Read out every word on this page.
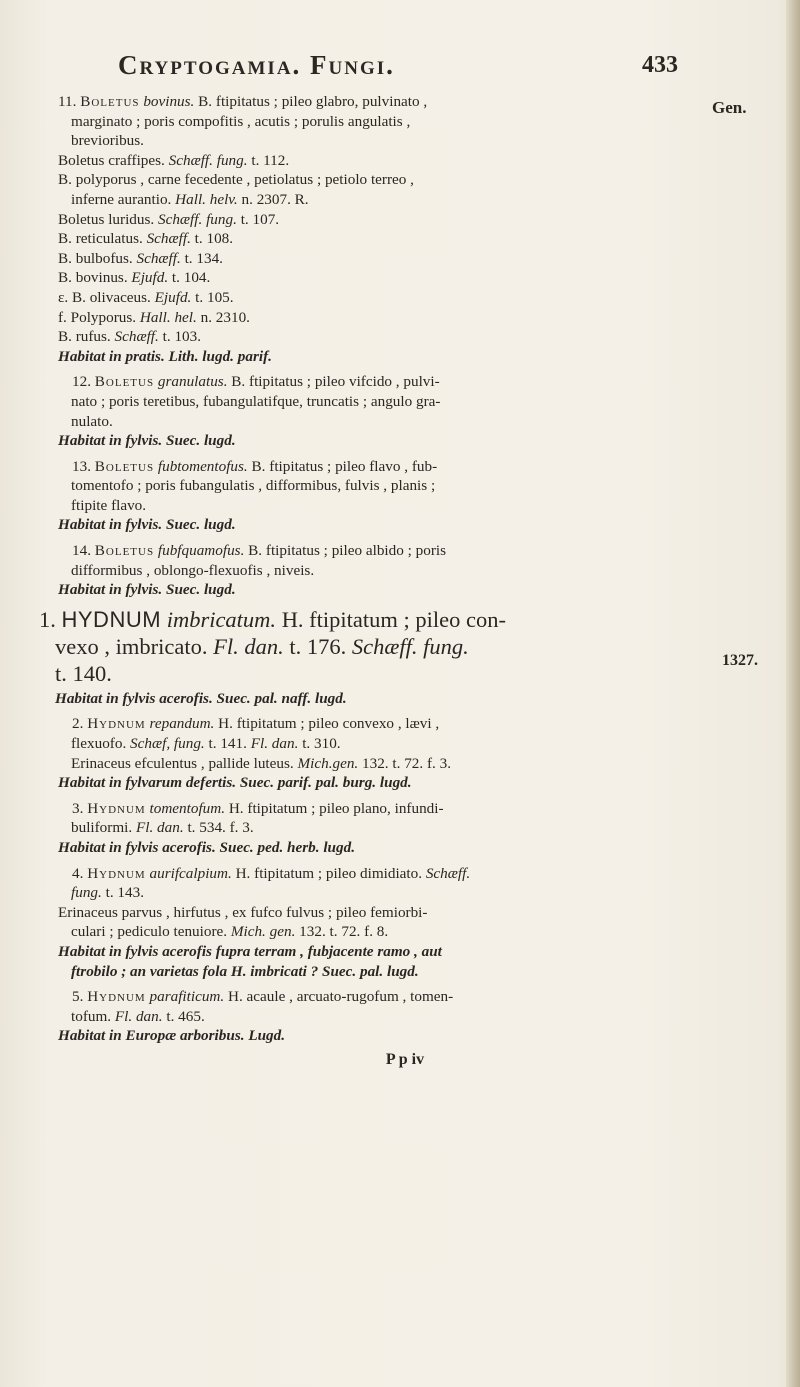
Cryptogamia. Fungi.	433
Gen.
1327.
11. Boletus bovinus. B. ftipitatus ; pileo glabro, pulvinato ,
marginato ; poris compofitis , acutis ; porulis angulatis ,
brevioribus.
Boletus craffipes. Schæff. fung. t. 112.
B. polyporus , carne fecedente , petiolatus ; petiolo terreo ,
inferne aurantio. Hall. helv. n. 2307. R.
Boletus luridus. Schæff. fung. t. 107.
B. reticulatus. Schæff. t. 108.
B. bulbofus. Schæff. t. 134.
B. bovinus. Ejufd. t. 104.
ε. B. olivaceus. Ejufd. t. 105.
f. Polyporus. Hall. hel. n. 2310.
B. rufus. Schæff. t. 103.
Habitat in pratis. Lith. lugd. parif.
12. Boletus granulatus. B. ftipitatus ; pileo vifcido , pulvi-
nato ; poris teretibus, fubangulatifque, truncatis ; angulo gra-
nulato.
Habitat in fylvis. Suec. lugd.
13. Boletus fubtomentofus. B. ftipitatus ; pileo flavo , fub-
tomentofo ; poris fubangulatis , difformibus, fulvis , planis ;
ftipite flavo.
Habitat in fylvis. Suec. lugd.
14. Boletus fubfquamofus. B. ftipitatus ; pileo albido ; poris
difformibus , oblongo-flexuofis , niveis.
Habitat in fylvis. Suec. lugd.
1. HYDNUM imbricatum. H. ftipitatum ; pileo con-
vexo , imbricato. Fl. dan. t. 176. Schæff. fung.
t. 140.
Habitat in fylvis acerofis. Suec. pal. naff. lugd.
2. Hydnum repandum. H. ftipitatum ; pileo convexo , lævi ,
flexuofo. Schæf, fung. t. 141. Fl. dan. t. 310.
Erinaceus efculentus , pallide luteus. Mich.gen. 132. t. 72. f. 3.
Habitat in fylvarum defertis. Suec. parif. pal. burg. lugd.
3. Hydnum tomentofum. H. ftipitatum ; pileo plano, infundi-
buliformi. Fl. dan. t. 534. f. 3.
Habitat in fylvis acerofis. Suec. ped. herb. lugd.
4. Hydnum aurifcalpium. H. ftipitatum ; pileo dimidiato. Schæff.
fung. t. 143.
Erinaceus parvus , hirfutus , ex fufco fulvus ; pileo femiorbi-
culari ; pediculo tenuiore. Mich. gen. 132. t. 72. f. 8.
Habitat in fylvis acerofis fupra terram , fubjacente ramo , aut
ftrobilo ; an varietas fola H. imbricati ? Suec. pal. lugd.
5. Hydnum parafiticum. H. acaule , arcuato-rugofum , tomen-
tofum. Fl. dan. t. 465.
Habitat in Europæ arboribus. Lugd.
P p iv
